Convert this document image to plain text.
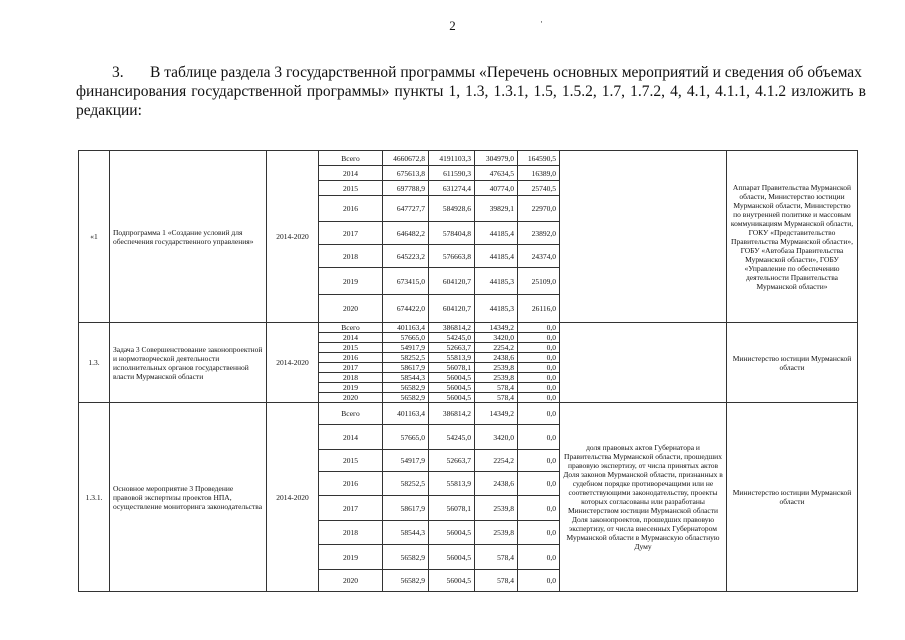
2	·
3. В таблице раздела 3 государственной программы «Перечень основных мероприятий и сведения об объемах
финансирования государственной программы» пункты 1, 1.3, 1.3.1, 1.5, 1.5.2, 1.7, 1.7.2, 4, 4.1, 4.1.1, 4.1.2 изложить в редакции:
«1	Подпрограмма 1 «Создание условий для обеспечения государственного управления»	2014-2020	Всего	4660672,8	4191103,3	304979,0	164590,5		Аппарат Правительства Мурманской области, Министерство юстиции Мурманской области, Министерство по внутренней политике и массовым коммуникациям Мурманской области, ГОКУ «Представительство Правительства Мурманской области», ГОБУ «Автобаза Правительства Мурманской области», ГОБУ «Управление по обеспечению деятельности Правительства Мурманской области»
			2014	675613,8	611590,3	47634,5	16389,0		
			2015	697788,9	631274,4	40774,0	25740,5		
			2016	647727,7	584928,6	39829,1	22970,0		
			2017	646482,2	578404,8	44185,4	23892,0		
			2018	645223,2	576663,8	44185,4	24374,0		
			2019	673415,0	604120,7	44185,3	25109,0		
			2020	674422,0	604120,7	44185,3	26116,0		
1.3.	Задача 3 Совершенствование законопроектной и нормотворческой деятельности исполнительных органов государственной власти Мурманской области	2014-2020	Всего	401163,4	386814,2	14349,2	0,0		Министерство юстиции Мурманской области
			2014	57665,0	54245,0	3420,0	0,0		
			2015	54917,9	52663,7	2254,2	0,0		
			2016	58252,5	55813,9	2438,6	0,0		
			2017	58617,9	56078,1	2539,8	0,0		
			2018	58544,3	56004,5	2539,8	0,0		
			2019	56582,9	56004,5	578,4	0,0		
			2020	56582,9	56004,5	578,4	0,0		
1.3.1.	Основное мероприятие 3 Проведение правовой экспертизы проектов НПА, осуществление мониторинга законодательства	2014-2020	Всего	401163,4	386814,2	14349,2	0,0	доля правовых актов Губернатора и Правительства Мурманской области, прошедших правовую экспертизу, от числа принятых актов Доля законов Мурманской области, признанных в судебном порядке противоречащими или не соответствующими законодательству, проекты которых согласованы или разработаны Министерством юстиции Мурманской области Доля законопроектов, прошедших правовую экспертизу, от числа внесенных Губернатором Мурманской области в Мурманскую областную Думу	Министерство юстиции Мурманской области
			2014	57665,0	54245,0	3420,0	0,0		
			2015	54917,9	52663,7	2254,2	0,0		
			2016	58252,5	55813,9	2438,6	0,0		
			2017	58617,9	56078,1	2539,8	0,0		
			2018	58544,3	56004,5	2539,8	0,0		
			2019	56582,9	56004,5	578,4	0,0		
			2020	56582,9	56004,5	578,4	0,0		
